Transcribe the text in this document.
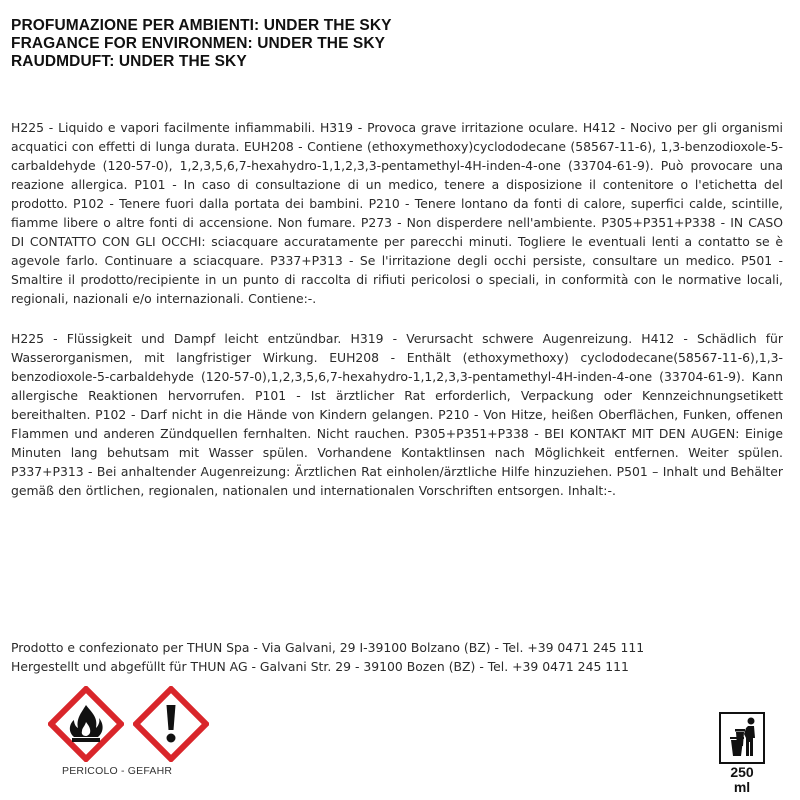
PROFUMAZIONE PER AMBIENTI: UNDER THE SKY
FRAGANCE FOR ENVIRONMEN: UNDER THE SKY
RAUDMDUFT: UNDER THE SKY
H225 - Liquido e vapori facilmente infiammabili. H319 - Provoca grave irritazione oculare. H412 - Nocivo per gli organismi acquatici con effetti di lunga durata. EUH208 - Contiene (ethoxymethoxy)cyclododecane (58567-11-6), 1,3-benzodioxole-5-carbaldehyde (120-57-0), 1,2,3,5,6,7-hexahydro-1,1,2,3,3-pentamethyl-4H-inden-4-one (33704-61-9). Può provocare una reazione allergica. P101 - In caso di consultazione di un medico, tenere a disposizione il contenitore o l'etichetta del prodotto. P102 - Tenere fuori dalla portata dei bambini. P210 - Tenere lontano da fonti di calore, superfici calde, scintille, fiamme libere o altre fonti di accensione. Non fumare. P273 - Non disperdere nell'ambiente. P305+P351+P338 - IN CASO DI CONTATTO CON GLI OCCHI: sciacquare accuratamente per parecchi minuti. Togliere le eventuali lenti a contatto se è agevole farlo. Continuare a sciacquare. P337+P313 - Se l'irritazione degli occhi persiste, consultare un medico. P501 - Smaltire il prodotto/recipiente in un punto di raccolta di rifiuti pericolosi o speciali, in conformità con le normative locali, regionali, nazionali e/o internazionali. Contiene:-.
H225 - Flüssigkeit und Dampf leicht entzündbar. H319 - Verursacht schwere Augenreizung. H412 - Schädlich für Wasserorganismen, mit langfristiger Wirkung. EUH208 - Enthält (ethoxymethoxy) cyclododecane(58567-11-6),1,3-benzodioxole-5-carbaldehyde (120-57-0),1,2,3,5,6,7-hexahydro-1,1,2,3,3-pentamethyl-4H-inden-4-one (33704-61-9). Kann allergische Reaktionen hervorrufen. P101 - Ist ärztlicher Rat erforderlich, Verpackung oder Kennzeichnungsetikett bereithalten. P102 - Darf nicht in die Hände von Kindern gelangen. P210 - Von Hitze, heißen Oberflächen, Funken, offenen Flammen und anderen Zündquellen fernhalten. Nicht rauchen. P305+P351+P338 - BEI KONTAKT MIT DEN AUGEN: Einige Minuten lang behutsam mit Wasser spülen. Vorhandene Kontaktlinsen nach Möglichkeit entfernen. Weiter spülen. P337+P313 - Bei anhaltender Augenreizung: Ärztlichen Rat einholen/ärztliche Hilfe hinzuziehen. P501 – Inhalt und Behälter gemäß den örtlichen, regionalen, nationalen und internationalen Vorschriften entsorgen. Inhalt:-.
Prodotto e confezionato per THUN Spa - Via Galvani, 29 I-39100 Bolzano (BZ) - Tel. +39 0471 245 111
Hergestellt und abgefüllt für THUN AG - Galvani Str. 29 - 39100 Bozen (BZ) - Tel. +39 0471 245 111
PERICOLO - GEFAHR	250
ml
